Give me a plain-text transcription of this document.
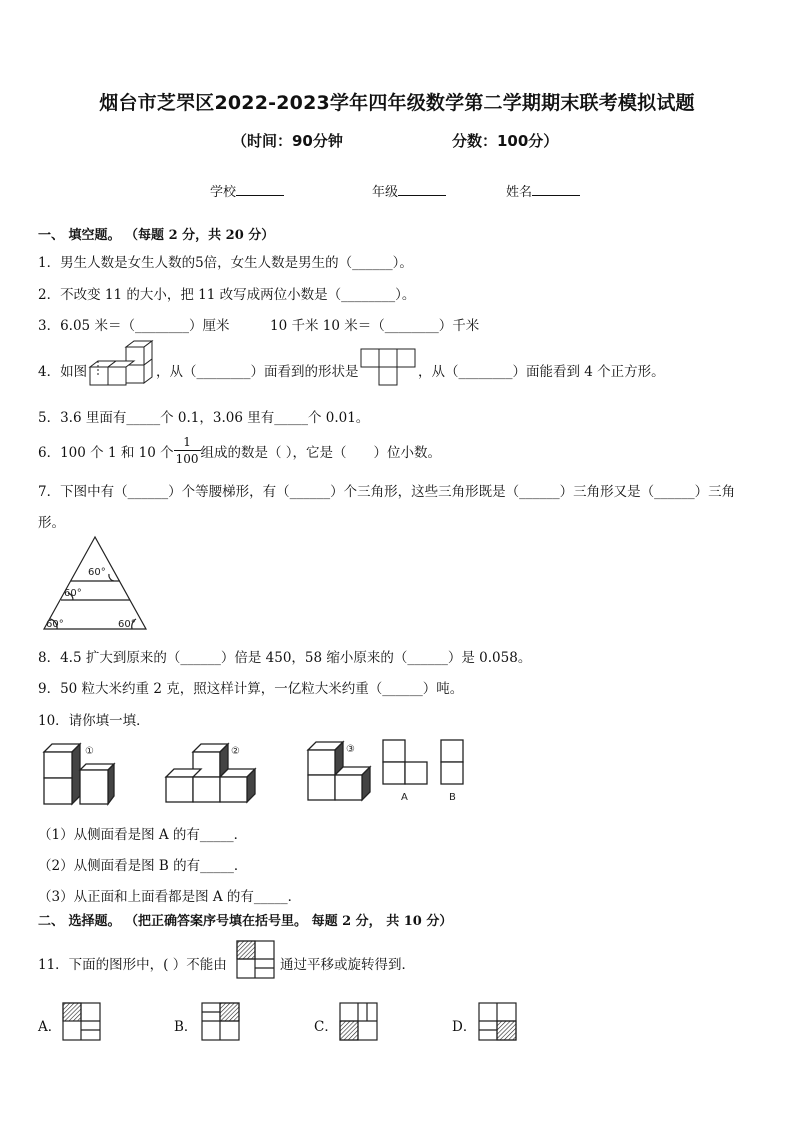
烟台市芝罘区2022-2023学年四年级数学第二学期期末联考模拟试题
（时间：90分钟	分数：100分）
学校	年级	姓名
一、 填空题。 （每题 2 分，共 20 分）
1．男生人数是女生人数的5倍，女生人数是男生的（______）。
2．不改变 11 的大小，把 11 改写成两位小数是（________）。
3．6.05 米＝（________）厘米	10 千米 10 米＝（________）千米
4．如图	，从（________）面看到的形状是	，从（________）面能看到 4 个正方形。
5．3.6 里面有_____个 0.1，3.06 里有_____个 0.01。
6．100 个 1 和 10 个 $\frac{1}{100}$ 组成的数是（ ），它是（　　）位小数。
7．下图中有（______）个等腰梯形，有（______）个三角形，这些三角形既是（______）三角形又是（______）三角
形。
60°
60°
60°	60°
8．4.5 扩大到原来的（______）倍是 450，58 缩小原来的（______）是 0.058。
9．50 粒大米约重 2 克，照这样计算，一亿粒大米约重（______）吨。
10．请你填一填．
①	②	③
A	B
（1）从侧面看是图 A 的有_____．
（2）从侧面看是图 B 的有_____．
（3）从正面和上面看都是图 A 的有_____．
二、 选择题。 （把正确答案序号填在括号里。 每题 2 分， 共 10 分）
11．下面的图形中，( ）不能由	通过平移或旋转得到．
A．	B．	C．	D．
